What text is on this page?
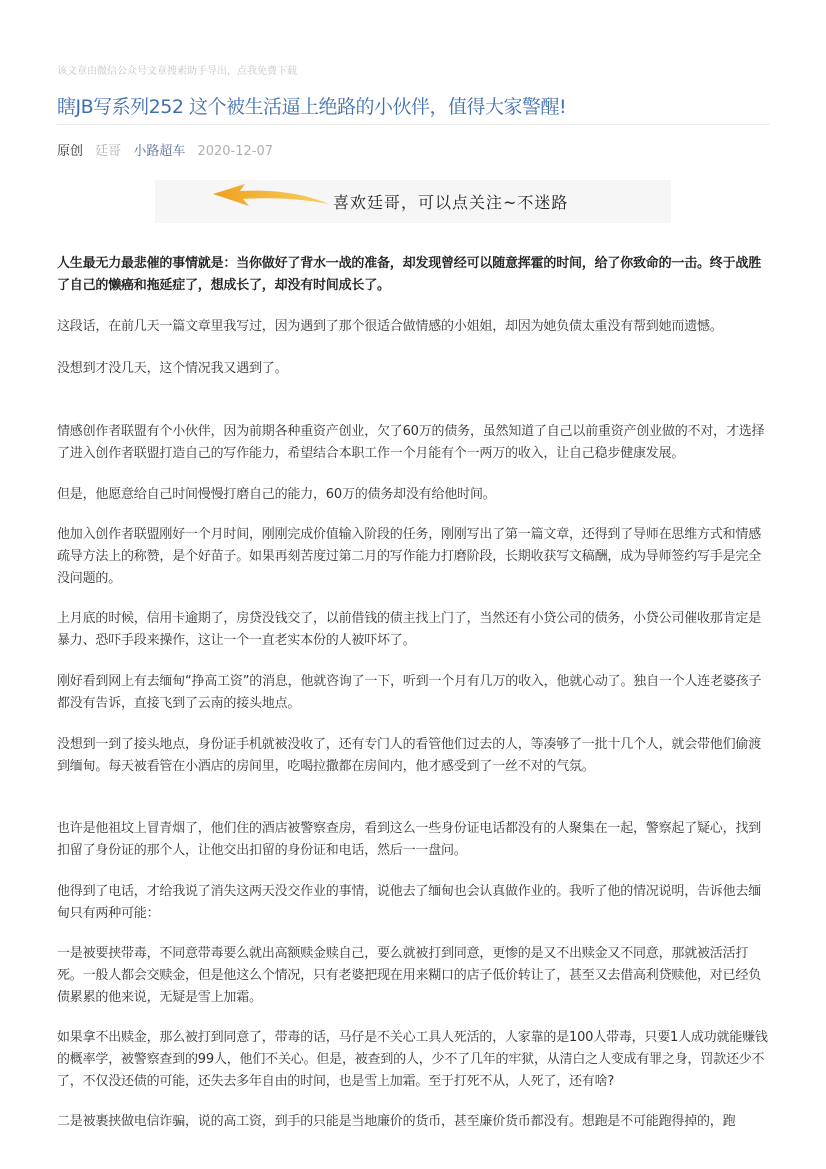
该文章由微信公众号文章搜索助手导出，点我免费下载
瞎JB写系列252 这个被生活逼上绝路的小伙伴，值得大家警醒!
原创 廷哥 小路超车 2020-12-07
喜欢廷哥，可以点关注~不迷路

人生最无力最悲催的事情就是：当你做好了背水一战的准备，却发现曾经可以随意挥霍的时间，给了你致命的一击。终于战胜了自己的懒癌和拖延症了，想成长了，却没有时间成长了。

这段话，在前几天一篇文章里我写过，因为遇到了那个很适合做情感的小姐姐，却因为她负债太重没有帮到她而遗憾。

没想到才没几天，这个情况我又遇到了。

情感创作者联盟有个小伙伴，因为前期各种重资产创业，欠了60万的债务，虽然知道了自己以前重资产创业做的不对，才选择了进入创作者联盟打造自己的写作能力，希望结合本职工作一个月能有个一两万的收入，让自己稳步健康发展。

但是，他愿意给自己时间慢慢打磨自己的能力，60万的债务却没有给他时间。

他加入创作者联盟刚好一个月时间，刚刚完成价值输入阶段的任务，刚刚写出了第一篇文章，还得到了导师在思维方式和情感疏导方法上的称赞，是个好苗子。如果再刻苦度过第二月的写作能力打磨阶段，长期收获写文稿酬，成为导师签约写手是完全没问题的。

上月底的时候，信用卡逾期了，房贷没钱交了，以前借钱的债主找上门了，当然还有小贷公司的债务，小贷公司催收那肯定是暴力、恐吓手段来操作，这让一个一直老实本份的人被吓坏了。

刚好看到网上有去缅甸“挣高工资”的消息，他就咨询了一下，听到一个月有几万的收入，他就心动了。独自一个人连老婆孩子都没有告诉，直接飞到了云南的接头地点。

没想到一到了接头地点，身份证手机就被没收了，还有专门人的看管他们过去的人，等凑够了一批十几个人，就会带他们偷渡到缅甸。每天被看管在小酒店的房间里，吃喝拉撒都在房间内，他才感受到了一丝不对的气氛。

也许是他祖坟上冒青烟了，他们住的酒店被警察查房，看到这么一些身份证电话都没有的人聚集在一起，警察起了疑心，找到扣留了身份证的那个人，让他交出扣留的身份证和电话，然后一一盘问。

他得到了电话，才给我说了消失这两天没交作业的事情，说他去了缅甸也会认真做作业的。我听了他的情况说明，告诉他去缅甸只有两种可能：

一是被要挟带毒，不同意带毒要么就出高额赎金赎自己，要么就被打到同意，更惨的是又不出赎金又不同意，那就被活活打死。一般人都会交赎金，但是他这么个情况，只有老婆把现在用来糊口的店子低价转让了，甚至又去借高利贷赎他，对已经负债累累的他来说，无疑是雪上加霜。

如果拿不出赎金，那么被打到同意了，带毒的话，马仔是不关心工具人死活的，人家靠的是100人带毒，只要1人成功就能赚钱的概率学，被警察查到的99人，他们不关心。但是，被查到的人，少不了几年的牢狱，从清白之人变成有罪之身，罚款还少不了，不仅没还债的可能，还失去多年自由的时间，也是雪上加霜。至于打死不从，人死了，还有啥?

二是被裹挟做电信诈骗，说的高工资，到手的只能是当地廉价的货币，甚至廉价货币都没有。想跑是不可能跑得掉的，跑
